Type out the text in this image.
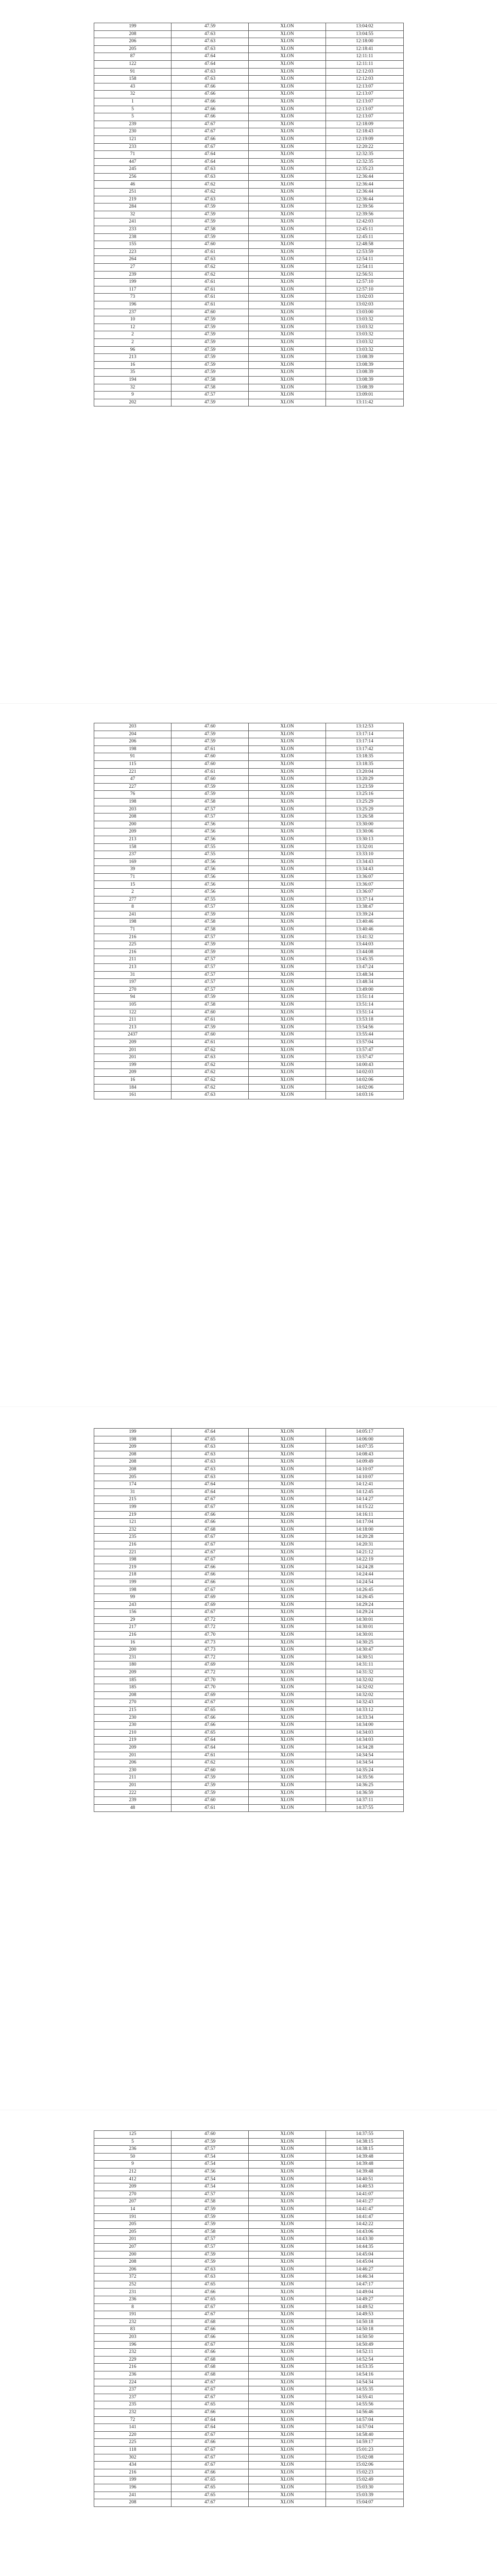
199	47.59	XLON	13:04:02
208	47.63	XLON	13:04:55
206	47.63	XLON	12:18:00
205	47.63	XLON	12:18:41
87	47.64	XLON	12:11:11
122	47.64	XLON	12:11:11
91	47.63	XLON	12:12:03
158	47.63	XLON	12:12:03
43	47.66	XLON	12:13:07
32	47.66	XLON	12:13:07
1	47.66	XLON	12:13:07
5	47.66	XLON	12:13:07
5	47.66	XLON	12:13:07
239	47.67	XLON	12:18:09
230	47.67	XLON	12:18:43
121	47.66	XLON	12:19:09
233	47.67	XLON	12:20:22
71	47.64	XLON	12:32:35
447	47.64	XLON	12:32:35
245	47.63	XLON	12:35:23
256	47.63	XLON	12:36:44
46	47.62	XLON	12:36:44
251	47.62	XLON	12:36:44
219	47.63	XLON	12:36:44
284	47.59	XLON	12:39:56
32	47.59	XLON	12:39:56
241	47.59	XLON	12:42:03
233	47.58	XLON	12:45:11
238	47.59	XLON	12:45:11
155	47.60	XLON	12:48:58
223	47.61	XLON	12:53:59
264	47.63	XLON	12:54:11
27	47.62	XLON	12:54:11
239	47.62	XLON	12:56:51
199	47.61	XLON	12:57:10
117	47.61	XLON	12:57:10
73	47.61	XLON	13:02:03
196	47.61	XLON	13:02:03
237	47.60	XLON	13:03:00
10	47.59	XLON	13:03:32
12	47.59	XLON	13:03:32
2	47.59	XLON	13:03:32
2	47.59	XLON	13:03:32
96	47.59	XLON	13:03:32
213	47.59	XLON	13:08:39
16	47.59	XLON	13:08:39
35	47.59	XLON	13:08:39
194	47.58	XLON	13:08:39
32	47.58	XLON	13:08:39
9	47.57	XLON	13:09:01
202	47.59	XLON	13:11:42
203	47.60	XLON	13:12:53
204	47.59	XLON	13:17:14
206	47.59	XLON	13:17:14
198	47.61	XLON	13:17:42
91	47.60	XLON	13:18:35
115	47.60	XLON	13:18:35
221	47.61	XLON	13:20:04
47	47.60	XLON	13:20:29
227	47.59	XLON	13:23:59
76	47.59	XLON	13:25:16
198	47.58	XLON	13:25:29
203	47.57	XLON	13:25:29
208	47.57	XLON	13:26:58
200	47.56	XLON	13:30:00
209	47.56	XLON	13:30:06
213	47.56	XLON	13:30:13
158	47.55	XLON	13:32:01
237	47.55	XLON	13:33:10
169	47.56	XLON	13:34:43
39	47.56	XLON	13:34:43
71	47.56	XLON	13:36:07
15	47.56	XLON	13:36:07
2	47.56	XLON	13:36:07
277	47.55	XLON	13:37:14
8	47.57	XLON	13:38:47
241	47.59	XLON	13:39:24
198	47.58	XLON	13:40:46
71	47.58	XLON	13:40:46
216	47.57	XLON	13:41:32
225	47.59	XLON	13:44:03
216	47.59	XLON	13:44:08
211	47.57	XLON	13:45:35
213	47.57	XLON	13:47:24
31	47.57	XLON	13:48:34
197	47.57	XLON	13:48:34
270	47.57	XLON	13:49:00
94	47.59	XLON	13:51:14
105	47.58	XLON	13:51:14
122	47.60	XLON	13:51:14
211	47.61	XLON	13:53:18
213	47.59	XLON	13:54:56
2437	47.60	XLON	13:55:44
209	47.61	XLON	13:57:04
201	47.62	XLON	13:57:47
201	47.63	XLON	13:57:47
199	47.62	XLON	14:00:43
209	47.62	XLON	14:02:03
16	47.62	XLON	14:02:06
184	47.62	XLON	14:02:06
161	47.63	XLON	14:03:16
199	47.64	XLON	14:05:17
198	47.65	XLON	14:06:00
209	47.63	XLON	14:07:35
208	47.63	XLON	14:08:43
208	47.63	XLON	14:09:49
208	47.63	XLON	14:10:07
205	47.63	XLON	14:10:07
174	47.64	XLON	14:12:41
31	47.64	XLON	14:12:45
215	47.67	XLON	14:14:27
199	47.67	XLON	14:15:22
219	47.66	XLON	14:16:11
121	47.66	XLON	14:17:04
232	47.68	XLON	14:18:00
235	47.67	XLON	14:20:28
216	47.67	XLON	14:20:31
221	47.67	XLON	14:21:12
198	47.67	XLON	14:22:19
219	47.66	XLON	14:24:28
218	47.66	XLON	14:24:44
199	47.66	XLON	14:24:54
198	47.67	XLON	14:26:45
99	47.69	XLON	14:26:45
243	47.69	XLON	14:29:24
156	47.67	XLON	14:29:24
29	47.72	XLON	14:30:01
217	47.72	XLON	14:30:01
216	47.70	XLON	14:30:01
16	47.73	XLON	14:30:25
200	47.73	XLON	14:30:47
231	47.72	XLON	14:30:51
180	47.69	XLON	14:31:11
209	47.72	XLON	14:31:32
185	47.70	XLON	14:32:02
185	47.70	XLON	14:32:02
208	47.69	XLON	14:32:02
270	47.67	XLON	14:32:43
215	47.65	XLON	14:33:12
230	47.66	XLON	14:33:34
230	47.66	XLON	14:34:00
210	47.65	XLON	14:34:03
219	47.64	XLON	14:34:03
209	47.64	XLON	14:34:28
201	47.61	XLON	14:34:54
206	47.62	XLON	14:34:54
230	47.60	XLON	14:35:24
211	47.59	XLON	14:35:56
201	47.59	XLON	14:36:25
222	47.59	XLON	14:36:59
239	47.60	XLON	14:37:11
48	47.61	XLON	14:37:55
125	47.60	XLON	14:37:55
5	47.59	XLON	14:38:15
236	47.57	XLON	14:38:15
50	47.54	XLON	14:39:48
9	47.54	XLON	14:39:48
212	47.56	XLON	14:39:48
412	47.54	XLON	14:40:51
209	47.54	XLON	14:40:53
270	47.57	XLON	14:41:07
207	47.58	XLON	14:41:27
14	47.59	XLON	14:41:47
191	47.59	XLON	14:41:47
205	47.59	XLON	14:42:22
205	47.58	XLON	14:43:06
201	47.57	XLON	14:43:30
207	47.57	XLON	14:44:35
200	47.59	XLON	14:45:04
208	47.59	XLON	14:45:04
206	47.63	XLON	14:46:27
372	47.63	XLON	14:46:34
252	47.65	XLON	14:47:17
231	47.66	XLON	14:49:04
236	47.65	XLON	14:49:27
8	47.67	XLON	14:49:52
191	47.67	XLON	14:49:53
232	47.68	XLON	14:50:18
83	47.66	XLON	14:50:18
203	47.66	XLON	14:50:50
196	47.67	XLON	14:50:49
232	47.66	XLON	14:52:11
229	47.68	XLON	14:52:54
216	47.68	XLON	14:53:35
236	47.68	XLON	14:54:16
224	47.67	XLON	14:54:34
237	47.67	XLON	14:55:35
237	47.67	XLON	14:55:41
235	47.65	XLON	14:55:56
232	47.66	XLON	14:56:46
72	47.64	XLON	14:57:04
141	47.64	XLON	14:57:04
220	47.67	XLON	14:58:40
225	47.66	XLON	14:59:17
118	47.67	XLON	15:01:23
302	47.67	XLON	15:02:08
434	47.67	XLON	15:02:06
216	47.66	XLON	15:02:23
199	47.65	XLON	15:02:49
196	47.65	XLON	15:03:30
241	47.65	XLON	15:03:39
208	47.67	XLON	15:04:07
